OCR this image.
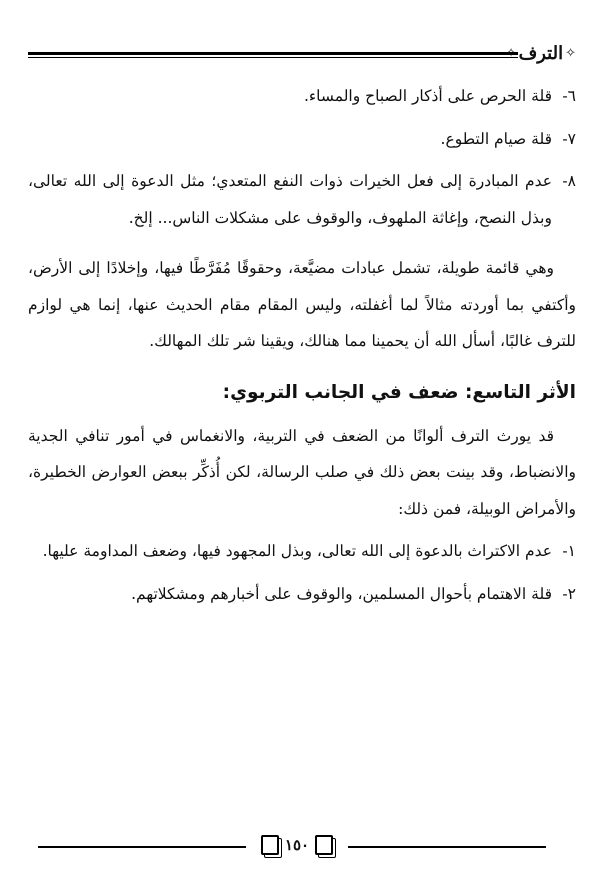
✧
الترف
✧
٦-
قلة الحرص على أذكار الصباح والمساء.
٧-
قلة صيام التطوع.
٨-
عدم المبادرة إلى فعل الخيرات ذوات النفع المتعدي؛ مثل الدعوة إلى الله تعالى، وبذل النصح، وإغاثة الملهوف، والوقوف على مشكلات الناس... إلخ.

وهي قائمة طويلة، تشمل عبادات مضيَّعة، وحقوقًا مُفَرَّطًا فيها، وإخلادًا إلى الأرض، وأكتفي بما أوردته مثالاً لما أغفلته، وليس المقام مقام الحديث عنها، إنما هي لوازم للترف غالبًا، أسأل الله أن يحمينا مما هنالك، ويقينا شر تلك المهالك.

الأثر التاسع: ضعف في الجانب التربوي:

قد يورث الترف ألوانًا من الضعف في التربية، والانغماس في أمور تنافي الجدية والانضباط، وقد بينت بعض ذلك في صلب الرسالة، لكن أُذكِّر ببعض العوارض الخطيرة، والأمراض الوبيلة، فمن ذلك:

١-
عدم الاكتراث بالدعوة إلى الله تعالى، وبذل المجهود فيها، وضعف المداومة عليها.
٢-
قلة الاهتمام بأحوال المسلمين، والوقوف على أخبارهم ومشكلاتهم.
١٥٠
